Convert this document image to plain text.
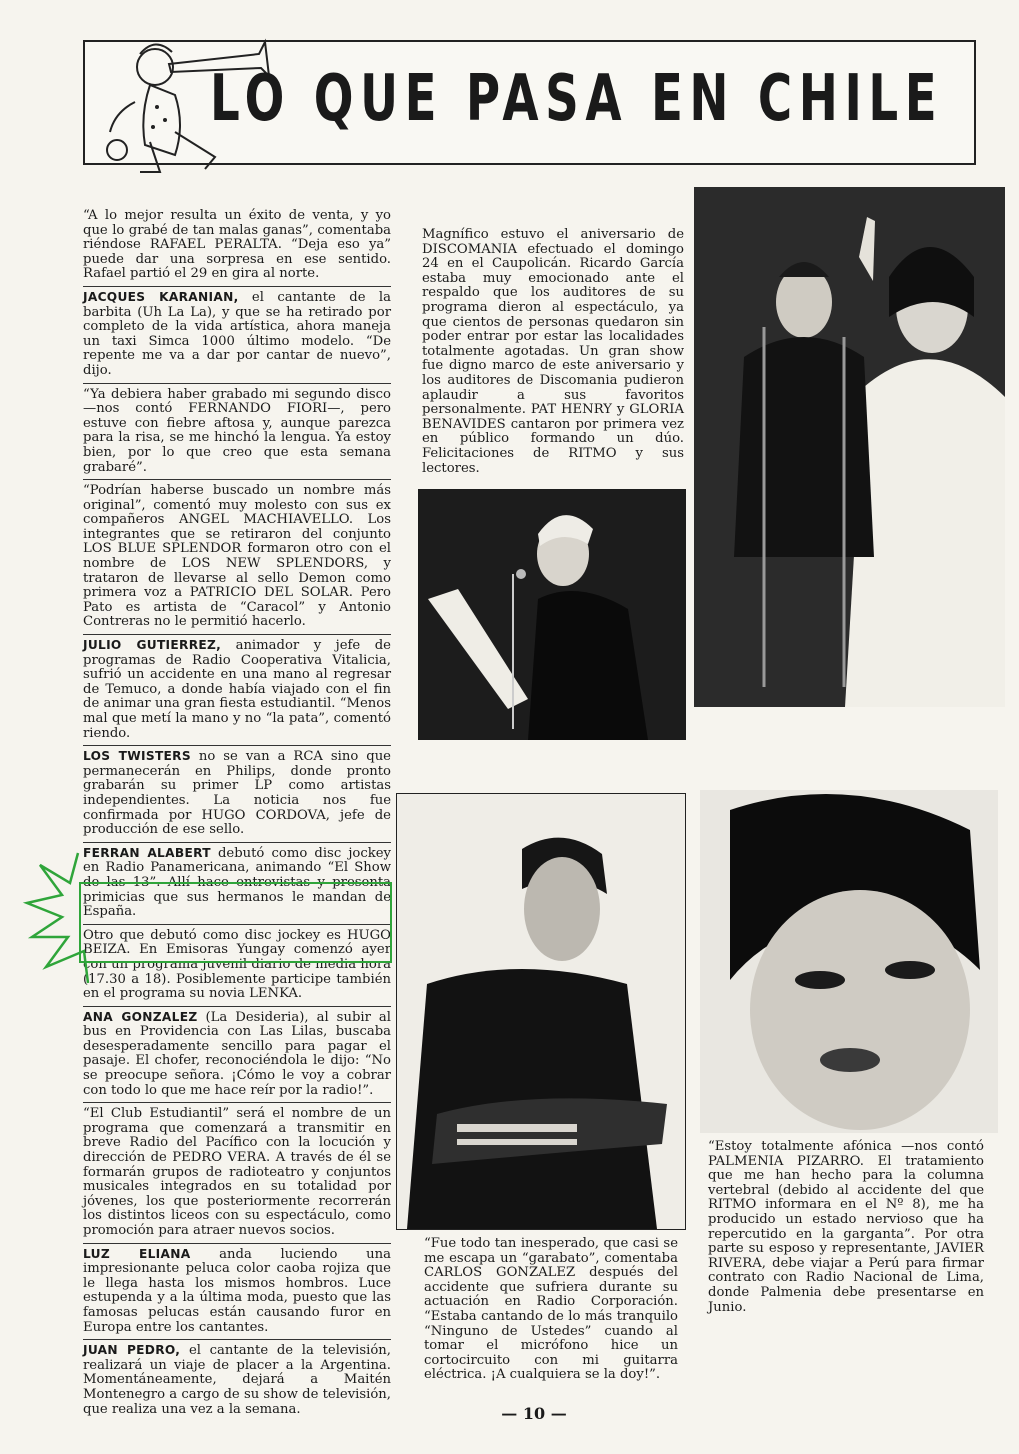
LO QUE PASA EN CHILE

“A lo mejor resulta un éxito de venta, y yo que lo grabé de tan malas ganas”, comentaba riéndose RAFAEL PERALTA. “Deja eso ya” puede dar una sorpresa en ese sentido. Rafael partió el 29 en gira al norte.

JACQUES KARANIAN, el cantante de la barbita (Uh La La), y que se ha retirado por completo de la vida artística, ahora maneja un taxi Simca 1000 último modelo. “De repente me va a dar por cantar de nuevo”, dijo.

“Ya debiera haber grabado mi segundo disco —nos contó FERNANDO FIORI—, pero estuve con fiebre aftosa y, aunque parezca para la risa, se me hinchó la lengua. Ya estoy bien, por lo que creo que esta semana grabaré”.

“Podrían haberse buscado un nombre más original”, comentó muy molesto con sus ex compañeros ANGEL MACHIAVELLO. Los integrantes que se retiraron del conjunto LOS BLUE SPLENDOR formaron otro con el nombre de LOS NEW SPLENDORS, y trataron de llevarse al sello Demon como primera voz a PATRICIO DEL SOLAR. Pero Pato es artista de “Caracol” y Antonio Contreras no le permitió hacerlo.

JULIO GUTIERREZ, animador y jefe de programas de Radio Cooperativa Vitalicia, sufrió un accidente en una mano al regresar de Temuco, a donde había viajado con el fin de animar una gran fiesta estudiantil. “Menos mal que metí la mano y no “la pata”, comentó riendo.

LOS TWISTERS no se van a RCA sino que permanecerán en Philips, donde pronto grabarán su primer LP como artistas independientes. La noticia nos fue confirmada por HUGO CORDOVA, jefe de producción de ese sello.

FERRAN ALABERT debutó como disc jockey en Radio Panamericana, animando “El Show de las 13”. Allí hace entrevistas y presenta primicias que sus hermanos le mandan de España.

Otro que debutó como disc jockey es HUGO BEIZA. En Emisoras Yungay comenzó ayer con un programa juvenil diario de media hora (17.30 a 18). Posiblemente participe también en el programa su novia LENKA.

ANA GONZALEZ (La Desideria), al subir al bus en Providencia con Las Lilas, buscaba desesperadamente sencillo para pagar el pasaje. El chofer, reconociéndola le dijo: “No se preocupe señora. ¡Cómo le voy a cobrar con todo lo que me hace reír por la radio!”.

“El Club Estudiantil” será el nombre de un programa que comenzará a transmitir en breve Radio del Pacífico con la locución y dirección de PEDRO VERA. A través de él se formarán grupos de radioteatro y conjuntos musicales integrados en su totalidad por jóvenes, los que posteriormente recorrerán los distintos liceos con su espectáculo, como promoción para atraer nuevos socios.

LUZ ELIANA anda luciendo una impresionante peluca color caoba rojiza que le llega hasta los mismos hombros. Luce estupenda y a la última moda, puesto que las famosas pelucas están causando furor en Europa entre los cantantes.

JUAN PEDRO, el cantante de la televisión, realizará un viaje de placer a la Argentina. Momentáneamente, dejará a Maitén Montenegro a cargo de su show de televisión, que realiza una vez a la semana.

Magnífico estuvo el aniversario de DISCOMANIA efectuado el domingo 24 en el Caupolicán. Ricardo García estaba muy emocionado ante el respaldo que los auditores de su programa dieron al espectáculo, ya que cientos de personas quedaron sin poder entrar por estar las localidades totalmente agotadas. Un gran show fue digno marco de este aniversario y los auditores de Discomania pudieron aplaudir a sus favoritos personalmente. PAT HENRY y GLORIA BENAVIDES cantaron por primera vez en público formando un dúo. Felicitaciones de RITMO y sus lectores.
“Fue todo tan inesperado, que casi se me escapa un “garabato”, comentaba CARLOS GONZALEZ después del accidente que sufriera durante su actuación en Radio Corporación. “Estaba cantando de lo más tranquilo “Ninguno de Ustedes” cuando al tomar el micrófono hice un cortocircuito con mi guitarra eléctrica. ¡A cualquiera se la doy!”.
“Estoy totalmente afónica —nos contó PALMENIA PIZARRO. El tratamiento que me han hecho para la columna vertebral (debido al accidente del que RITMO informara en el Nº 8), me ha producido un estado nervioso que ha repercutido en la garganta”. Por otra parte su esposo y representante, JAVIER RIVERA, debe viajar a Perú para firmar contrato con Radio Nacional de Lima, donde Palmenia debe presentarse en Junio.
— 10 —
